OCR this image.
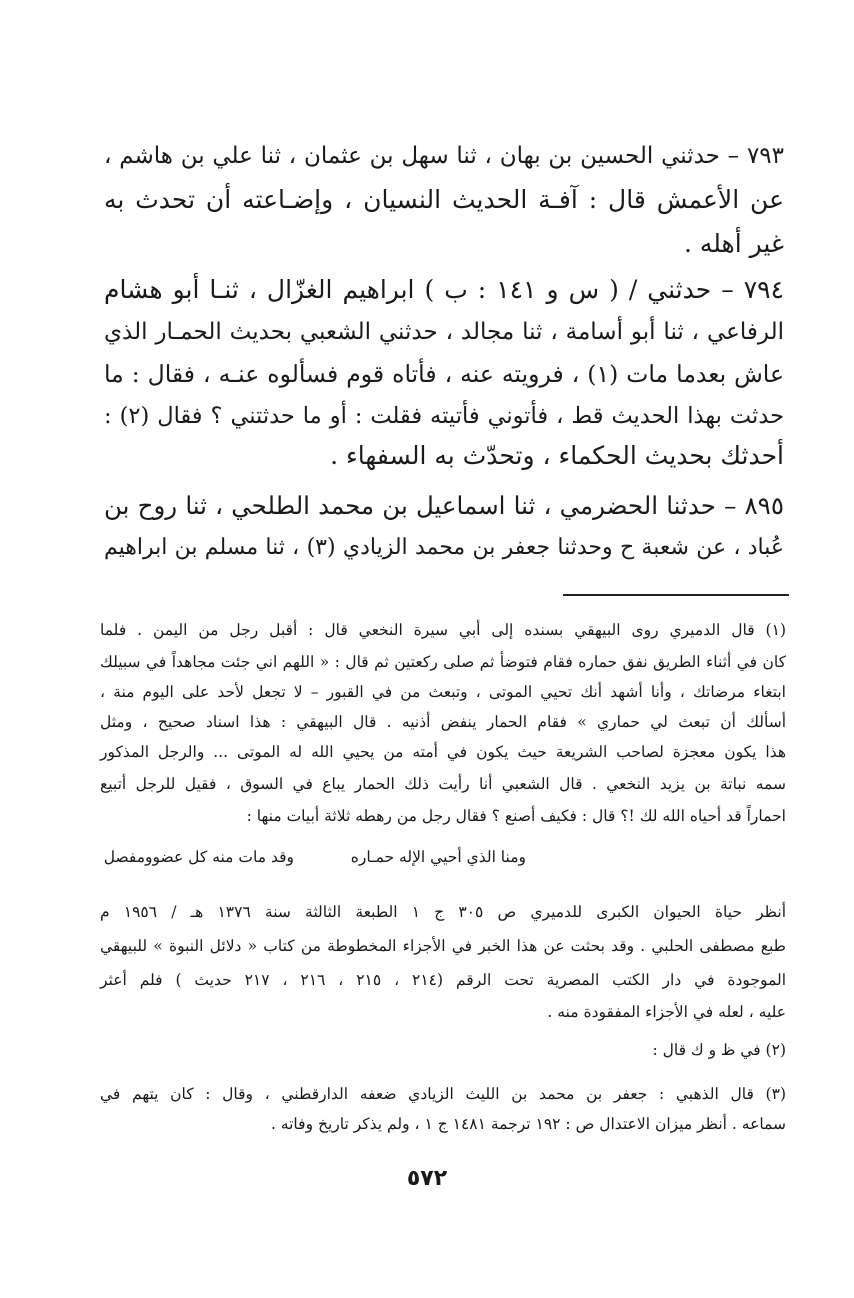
٧٩٣ – حدثني الحسين بن بهان ، ثنا سهل بن عثمان ، ثنا علي بن هاشم ،
عن الأعمش قال : آفـة الحديث النسيان ، وإضـاعته أن تحدث به
غير أهله .
٧٩٤ – حدثني / ( س و ١٤١ : ب ) ابراهيم الغزّال ، ثنـا أبو هشام
الرفاعي ، ثنا أبو أسامة ، ثنا مجالد ، حدثني الشعبي بحديث الحمـار الذي
عاش بعدما مات (١) ، فرويته عنه ، فأتاه قوم فسألوه عنـه ، فقال : ما
حدثت بهذا الحديث قط ، فأتوني فأتيته فقلت : أو ما حدثتني ؟ فقال (٢) :
أحدثك بحديث الحكماء ، وتحدّث به السفهاء .
٨٩٥ – حدثنا الحضرمي ، ثنا اسماعيل بن محمد الطلحي ، ثنا روح بن
عُباد ، عن شعبة ح وحدثنا جعفر بن محمد الزيادي (٣) ، ثنا مسلم بن ابراهيم
(١) قال الدميري روى البيهقي بسنده إلى أبي سيرة النخعي قال : أقبل رجل من اليمن . فلما
كان في أثناء الطريق نفق حماره فقام فتوضأ ثم صلى ركعتين ثم قال : « اللهم اني جئت مجاهداً في سبيلك
ابتغاء مرضاتك ، وأنا أشهد أنك تحيي الموتى ، وتبعث من في القبور – لا تجعل لأحد على اليوم منة ،
أسألك أن تبعث لي حماري » فقام الحمار ينفض أذنيه . قال البيهقي : هذا اسناد صحيح ، ومثل
هذا يكون معجزة لصاحب الشريعة حيث يكون في أمته من يحيي الله له الموتى ... والرجل المذكور
سمه نباتة بن يزيد النخعي . قال الشعبي أنا رأيت ذلك الحمار يباع في السوق ، فقيل للرجل أتبيع
احماراً قد أحياه الله لك !؟ قال : فكيف أصنع ؟ فقال رجل من رهطه ثلاثة أبيات منها :
ومنا الذي أحيي الإله حمـاره
وقد مات منه كل عضوومفصل
أنظر حياة الحيوان الكبرى للدميري ص ٣٠٥ ج ١ الطبعة الثالثة سنة ١٣٧٦ هـ / ١٩٥٦ م
طبع مصطفى الحلبي . وقد بحثت عن هذا الخبر في الأجزاء المخطوطة من كتاب « دلائل النبوة » للبيهقي
الموجودة في دار الكتب المصرية تحت الرقم (٢١٤ ، ٢١٥ ، ٢١٦ ، ٢١٧ حديث ) فلم أعثر
عليه ، لعله في الأجزاء المفقودة منه .
(٢) في ظ و ك قال :
(٣) قال الذهبي : جعفر بن محمد بن الليث الزيادي ضعفه الدارقطني ، وقال : كان يتهم في
سماعه . أنظر ميزان الاعتدال ص : ١٩٢ ترجمة ١٤٨١ ج ١ ، ولم يذكر تاريخ وفاته .
٥٧٢
